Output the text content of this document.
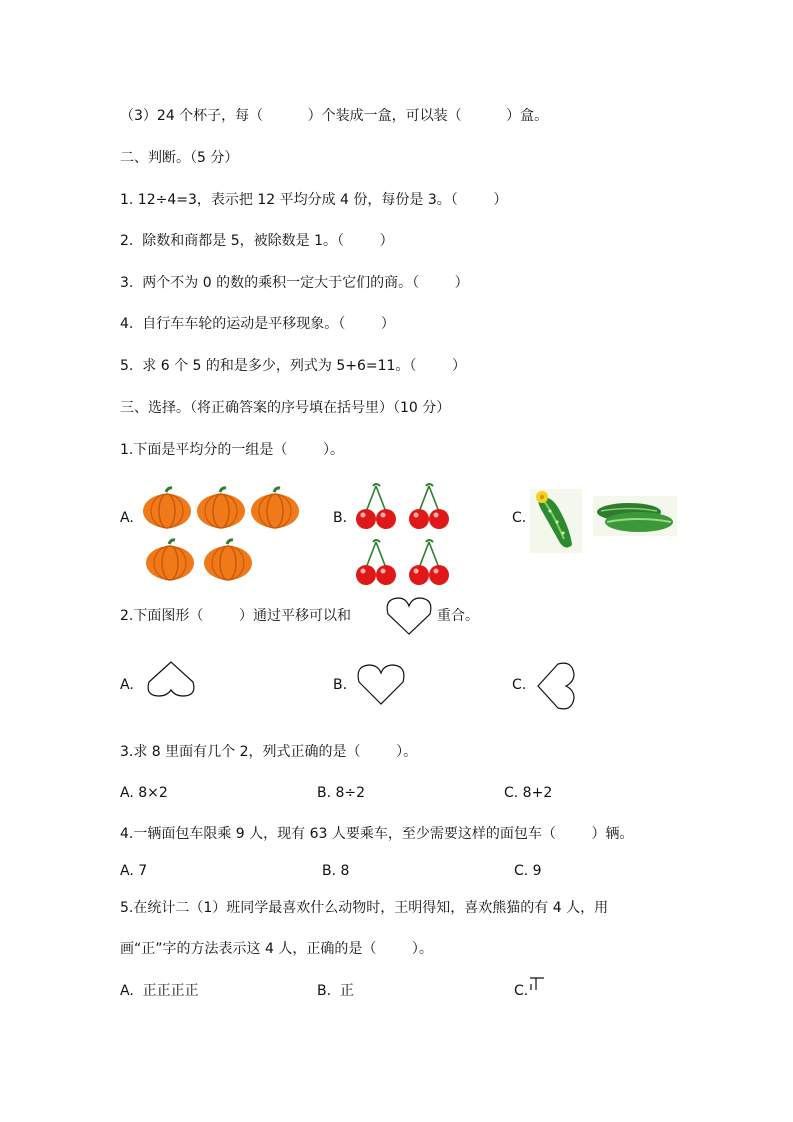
（3）24 个杯子，每（          ）个装成一盒，可以装（          ）盒。
二、判断。（5 分）
1. 12÷4=3，表示把 12 平均分成 4 份，每份是 3。（        ）
2.  除数和商都是 5，被除数是 1。（        ）
3.  两个不为 0 的数的乘积一定大于它们的商。（        ）
4.  自行车车轮的运动是平移现象。（        ）
5.  求 6 个 5 的和是多少，列式为 5+6=11。（        ）
三、选择。（将正确答案的序号填在括号里）（10 分）
1.下面是平均分的一组是（        ）。
A.	B.	C.
2.下面图形（        ）通过平移可以和	重合。
A.	B.	C.
3.求 8 里面有几个 2，列式正确的是（        ）。
A. 8×2	B. 8÷2	C. 8+2
4.一辆面包车限乘 9 人，现有 63 人要乘车，至少需要这样的面包车（        ）辆。
A. 7	B. 8	C. 9
5.在统计二（1）班同学最喜欢什么动物时，王明得知，喜欢熊猫的有 4 人，用
画“正”字的方法表示这 4 人，正确的是（        ）。
A.  正正正正	B.  正	C.
